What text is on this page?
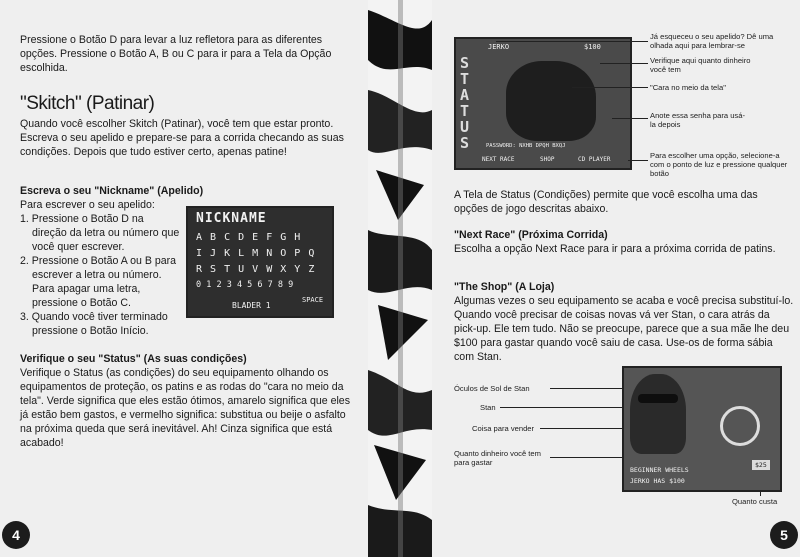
Pressione o Botão D para levar a luz refletora para as diferentes opções. Pressione o Botão A, B ou C para ir para a Tela da Opção escolhida.
"Skitch" (Patinar)
Quando você escolher Skitch (Patinar), você tem que estar pronto. Escreva o seu apelido e prepare-se para a corrida checando as suas condições. Depois que tudo estiver certo, apenas patine!
Escreva o seu "Nickname" (Apelido)
Para escrever o seu apelido:
1. Pressione o Botão D na direção da letra ou número que você quer escrever.
2. Pressione o Botão A ou B para escrever a letra ou número. Para apagar uma letra, pressione o Botão C.
3. Quando você tiver terminado pressione o Botão Início.
NICKNAME
A B C D E F G H
I J K L M N O P Q
R S T U V W X Y Z
0 1 2 3 4 5 6 7 8 9
BLADER 1
SPACE
Verifique o seu "Status" (As suas condições)
Verifique o Status (as condições) do seu equipamento olhando os equipamentos de proteção, os patins e as rodas do "cara no meio da tela". Verde significa que eles estão ótimos, amarelo significa que eles já estão bem gastos, e vermelho significa: substitua ou beije o asfalto na próxima queda que será inevitável. Ah! Cinza significa que está acabado!
4
STATUS
JERKO	$100
PASSWORD: NXHB DPQH BXQJ
NEXT RACE	SHOP	CD PLAYER
Já esqueceu o seu apelido? Dê uma olhada aqui para lembrar-se
Verifique aqui quanto dinheiro você tem
"Cara no meio da tela"
Anote essa senha para usá-la depois
Para escolher uma opção, selecione-a com o ponto de luz e pressione qualquer botão
A Tela de Status (Condições) permite que você escolha uma das opções de jogo descritas abaixo.
"Next Race" (Próxima Corrida)
Escolha a opção Next Race para ir para a próxima corrida de patins.
"The Shop" (A Loja)
Algumas vezes o seu equipamento se acaba e você precisa substituí-lo. Quando você precisar de coisas novas vá ver Stan, o cara atrás da pick-up. Ele tem tudo. Não se preocupe, parece que a sua mãe lhe deu $100 para gastar quando você saiu de casa. Use-os de forma sábia com Stan.
Óculos de Sol de Stan
Stan
Coisa para vender
Quanto dinheiro você tem para gastar
Quanto custa
BEGINNER WHEELS
JERKO HAS $100
$25
5
